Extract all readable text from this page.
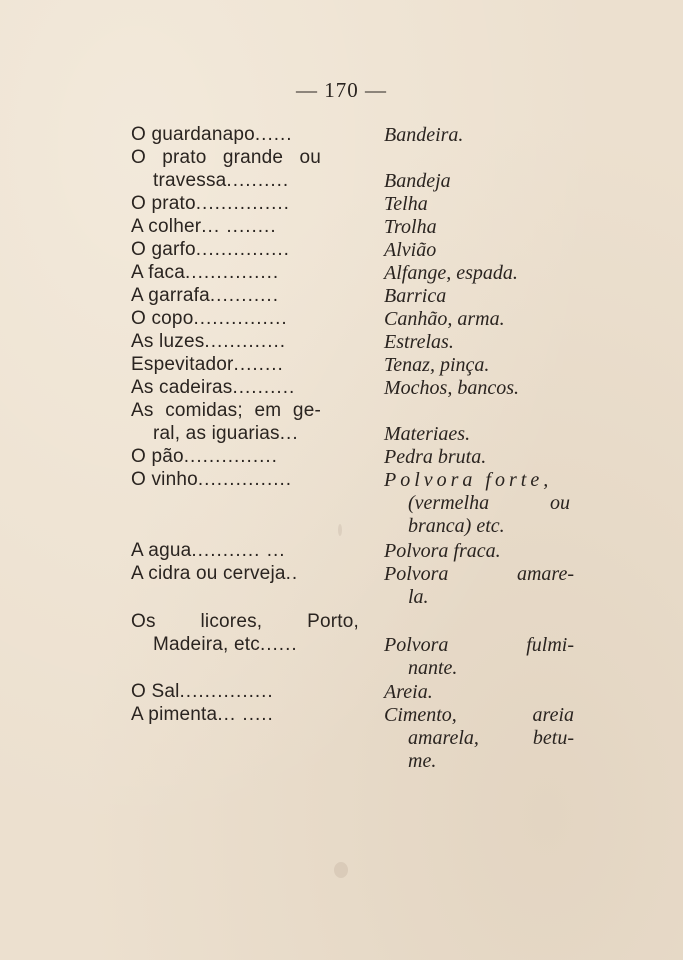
— 170 —
O guardanapo......	Bandeira.
O prato grande ou
travessa..........	Bandeja
O prato...............	Telha
A colher... ........	Trolha
O garfo...............	Alvião
A faca...............	Alfange, espada.
A garrafa...........	Barrica
O copo...............	Canhão, arma.
As luzes.............	Estrelas.
Espevitador........	Tenaz, pinça.
As cadeiras..........	Mochos, bancos.
As comidas; em ge-
ral, as iguarias...	Materiaes.
O pão...............	Pedra bruta.
O vinho...............	Polvora forte,
(vermelha ou
branca) etc.
A agua........... ...	Polvora fraca.
A cidra ou cerveja..	Polvora amare-
la.
Os licores, Porto,
Madeira, etc......	Polvora fulmi-
nante.
O Sal...............	Areia.
A pimenta... .....	Cimento, areia
amarela, betu-
me.
